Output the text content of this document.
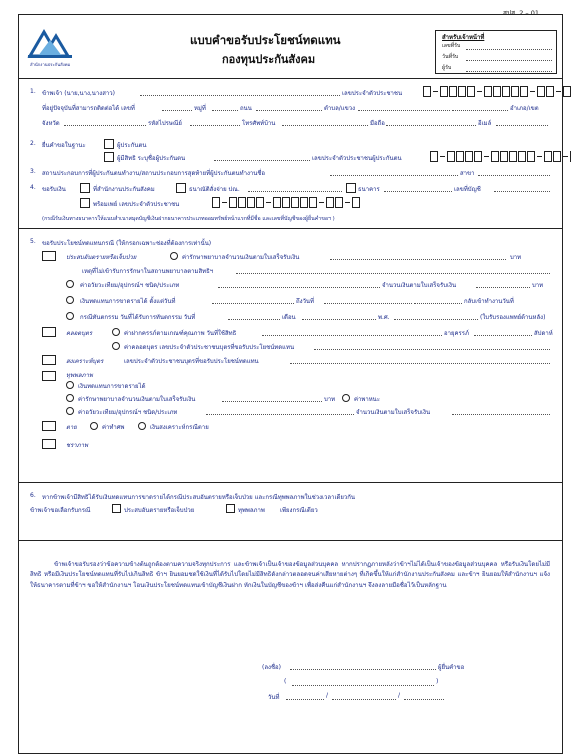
สปส. 2 – 01
สำนักงานประกันสังคม
แบบคำขอรับประโยชน์ทดแทน
กองทุนประกันสังคม
สำหรับเจ้าหน้าที่
เลขที่รับ
วันที่รับ
ผู้รับ
1. ข้าพเจ้า (นาย,นาง,นางสาว)	เลขประจำตัวประชาชน
ที่อยู่ปัจจุบันที่สามารถติดต่อได้ เลขที่	หมู่ที่	ถนน	ตำบล/แขวง	อำเภอ/เขต
จังหวัด	รหัสไปรษณีย์	โทรศัพท์บ้าน	มือถือ	อีเมล์
2. ยื่นคำขอในฐานะ	ผู้ประกันตน
ผู้มีสิทธิ ระบุชื่อผู้ประกันตน	เลขประจำตัวประชาชนผู้ประกันตน
3. สถานประกอบการที่ผู้ประกันตนทำงาน/สถานประกอบการสุดท้ายที่ผู้ประกันตนทำงานชื่อ	สาขา
4. ขอรับเงิน	ที่สำนักงานประกันสังคม	ธนาณัติสั่งจ่าย ปณ.	ธนาคาร	เลขที่บัญชี
พร้อมเพย์ เลขประจำตัวประชาชน
(กรณีรับเงินทางธนาคารให้แนบสำเนาสมุดบัญชีเงินฝากธนาคารประเภทออมทรัพย์หน้าแรกที่มีชื่อ และเลขที่บัญชีของผู้ยื่นคำขอฯ )
5. ขอรับประโยชน์ทดแทนกรณี (ให้กรอกเฉพาะช่องที่ต้องการเท่านั้น)
ประสบอันตรายหรือเจ็บป่วย	ค่ารักษาพยาบาลจำนวนเงินตามใบเสร็จรับเงิน	บาท
เหตุที่ไม่เข้ารับการรักษาในสถานพยาบาลตามสิทธิฯ
ค่าอวัยวะเทียม/อุปกรณ์ฯ ชนิด/ประเภท	จำนวนเงินตามใบเสร็จรับเงิน	บาท
เงินทดแทนการขาดรายได้ ตั้งแต่วันที่	ถึงวันที่	กลับเข้าทำงานวันที่
กรณีทันตกรรม วันที่ได้รับการทันตกรรม วันที่	เดือน	พ.ศ.	(ใบรับรองแพทย์ด้านหลัง)
คลอดบุตร	ค่าฝากครรภ์ตามเกณฑ์คุณภาพ วันที่ใช้สิทธิ	อายุครรภ์	สัปดาห์
ค่าคลอดบุตร เลขประจำตัวประชาชนบุตรที่ขอรับประโยชน์ทดแทน
สงเคราะห์บุตร	เลขประจำตัวประชาชนบุตรที่ขอรับประโยชน์ทดแทน
ทุพพลภาพ
เงินทดแทนการขาดรายได้
ค่ารักษาพยาบาลจำนวนเงินตามใบเสร็จรับเงิน	บาท	ค่าพาหนะ
ค่าอวัยวะเทียม/อุปกรณ์ฯ ชนิด/ประเภท	จำนวนเงินตามใบเสร็จรับเงิน
ตาย	ค่าทำศพ	เงินสงเคราะห์กรณีตาย
ชราภาพ
6. หากข้าพเจ้ามีสิทธิได้รับเงินทดแทนการขาดรายได้กรณีประสบอันตรายหรือเจ็บป่วย และกรณีทุพพลภาพในช่วงเวลาเดียวกัน
ข้าพเจ้าขอเลือกรับกรณี	ประสบอันตรายหรือเจ็บป่วย	ทุพพลภาพ	เพียงกรณีเดียว
ข้าพเจ้าขอรับรองว่าข้อความข้างต้นถูกต้องตามความจริงทุกประการ และข้าพเจ้าเป็นเจ้าของข้อมูลส่วนบุคคล หากปรากฏภายหลังว่าข้าฯไม่ได้เป็นเจ้าของข้อมูลส่วนบุคคล หรือรับเงินโดยไม่มีสิทธิ หรือมีเงินประโยชน์ทดแทนที่รับไปเกินสิทธิ ข้าฯ ยินยอมชดใช้เงินที่ได้รับไปโดยไม่มีสิทธิดังกล่าวตลอดจนค่าเสียหายต่างๆ ที่เกิดขึ้นให้แก่สำนักงานประกันสังคม และข้าฯ ยินยอมให้สำนักงานฯ แจ้งให้ธนาคารตามที่ข้าฯ ขอให้สำนักงานฯ โอนเงินประโยชน์ทดแทนเข้าบัญชีเงินฝาก หักเงินในบัญชีของข้าฯ เพื่อส่งคืนแก่สำนักงานฯ จึงลงลายมือชื่อไว้เป็นหลักฐาน
(ลงชื่อ)	ผู้ยื่นคำขอ
(	)
วันที่	/	/
